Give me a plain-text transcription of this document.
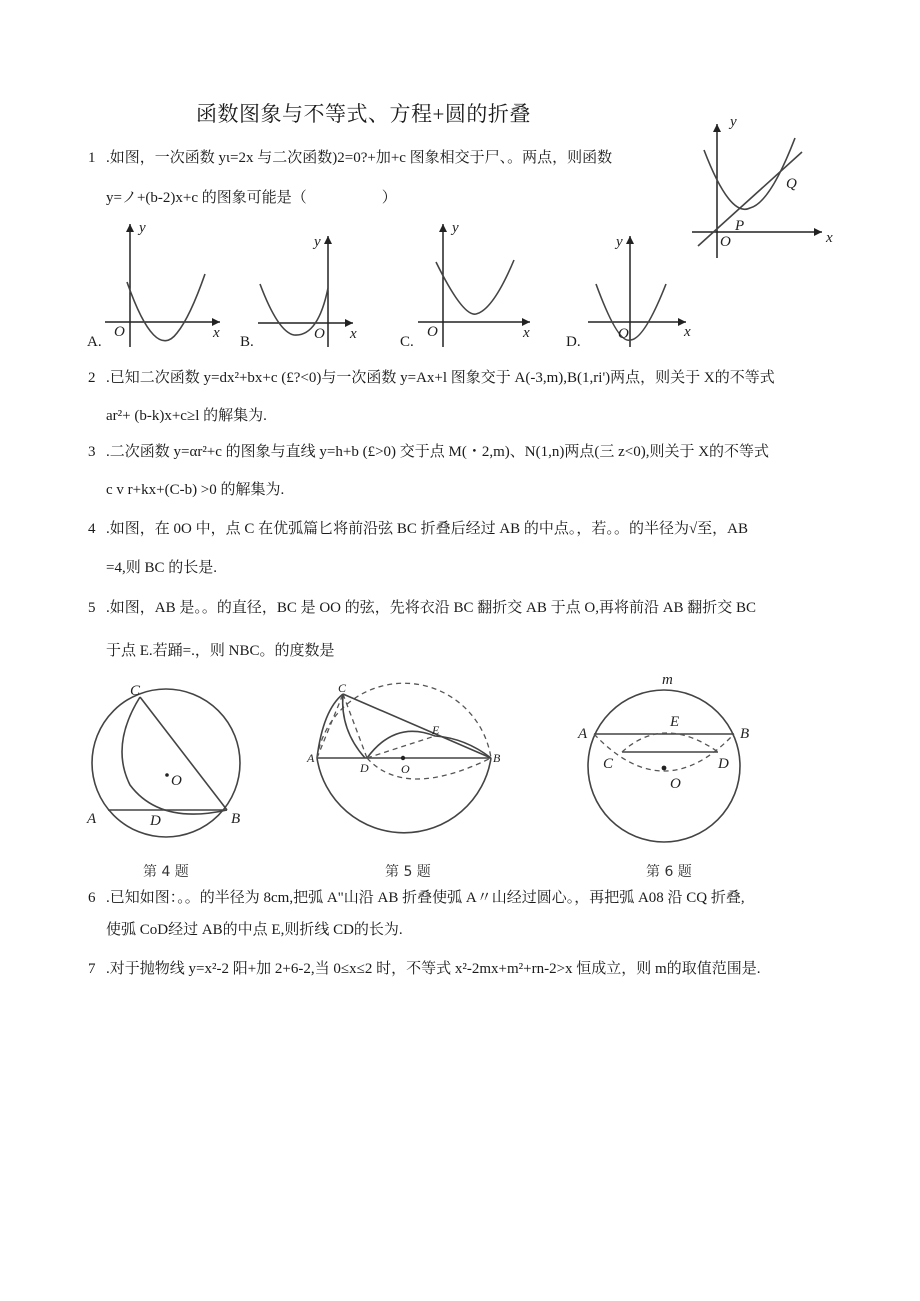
函数图象与不等式、方程+圆的折叠
1 .如图，一次函数 yι=2x 与二次函数)2=0?+加+c 图象相交于尸、。两点，则函数
y=ノ+(b-2)x+c 的图象可能是（　　　　　）
y
x
O
P
Q
y
x
O
A.
y
x
O
B.
y
x
O
C.
y
x
O
D.
2 .已知二次函数 y=dx²+bx+c (£?<0)与一次函数 y=Ax+l 图象交于 A(-3,m),B(1,ri')两点，则关于 X的不等式
ar²+ (b-k)x+c≥l 的解集为.
3 .二次函数 y=αr²+c 的图象与直线 y=h+b (£>0) 交于点 M(・2,m)、N(1,n)两点(三 z<0),则关于 X的不等式
c v r+kx+(C-b) >0 的解集为.
4 .如图，在 0O 中，点 C 在优弧篇匕将前沿弦 BC 折叠后经过 AB 的中点。，若。。的半径为√至，AB
=4,则 BC 的长是.
5 .如图，AB 是。。的直径，BC 是 OO 的弦，先将衣沿 BC 翻折交 AB 于点 O,再将前沿 AB 翻折交 BC
于点 E.若踊=.，则 NBC。的度数是
C
O
A	D	B
第 4 题
C
E
A
D	O
B
第 5 题
m
E
A	B
C	D
O
第 6 题
6 .已知如图：。。的半径为 8cm,把弧 A"山沿 AB 折叠使弧 A〃山经过圆心。，再把弧 A08 沿 CQ 折叠,
使弧 CoD经过 AB的中点 E,则折线 CD的长为.
7 .对于抛物线 y=x²-2 阳+加 2+6-2,当 0≤x≤2 时，不等式 x²-2mx+m²+rn-2>x 恒成立，则 m的取值范围是.
